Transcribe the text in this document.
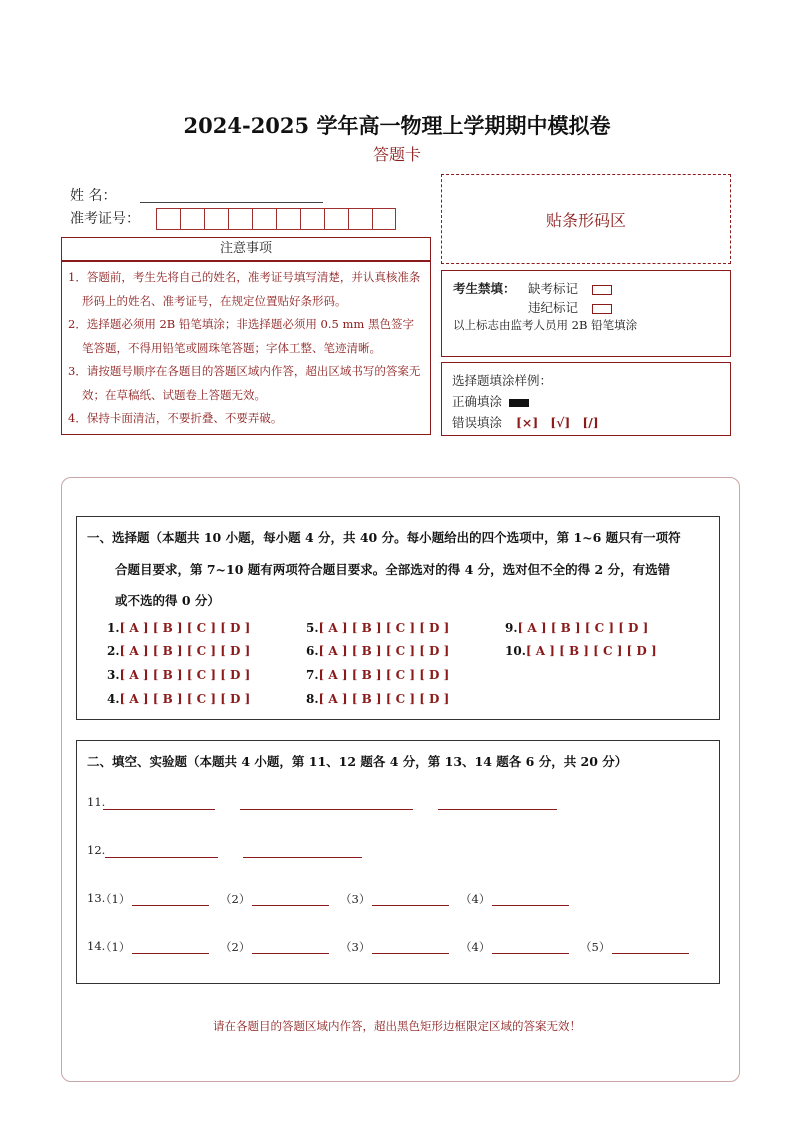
2024-2025 学年高一物理上学期期中模拟卷
答题卡
姓 名：
准考证号：
注意事项

1．答题前，考生先将自己的姓名，准考证号填写清楚，并认真核准条形码上的姓名、准考证号，在规定位置贴好条形码。

2．选择题必须用 2B 铅笔填涂；非选择题必须用 0.5 mm 黑色签字笔答题，不得用铅笔或圆珠笔答题；字体工整、笔迹清晰。

3．请按题号顺序在各题目的答题区域内作答，超出区域书写的答案无效；在草稿纸、试题卷上答题无效。

4．保持卡面清洁，不要折叠、不要弄破。

贴条形码区
考生禁填： 缺考标记
违纪标记
以上标志由监考人员用 2B 铅笔填涂
选择题填涂样例：
正确填涂
错误填涂 [×] [√] [/]
一、选择题（本题共 10 小题，每小题 4 分，共 40 分。每小题给出的四个选项中，第 1~6 题只有一项符
合题目要求，第 7~10 题有两项符合题目要求。全部选对的得 4 分，选对但不全的得 2 分，有选错
或不选的得 0 分）
1.[ A ] [ B ] [ C ] [ D ]
2.[ A ] [ B ] [ C ] [ D ]
3.[ A ] [ B ] [ C ] [ D ]
4.[ A ] [ B ] [ C ] [ D ]
5.[ A ] [ B ] [ C ] [ D ]
6.[ A ] [ B ] [ C ] [ D ]
7.[ A ] [ B ] [ C ] [ D ]
8.[ A ] [ B ] [ C ] [ D ]
9.[ A ] [ B ] [ C ] [ D ]
10.[ A ] [ B ] [ C ] [ D ]
二、填空、实验题（本题共 4 小题，第 11、12 题各 4 分，第 13、14 题各 6 分，共 20 分）
11.
12.
13.
（1）	（2）	（3）	（4）
14.
（1）	（2）	（3）	（4）	（5）
请在各题目的答题区域内作答，超出黑色矩形边框限定区域的答案无效！
